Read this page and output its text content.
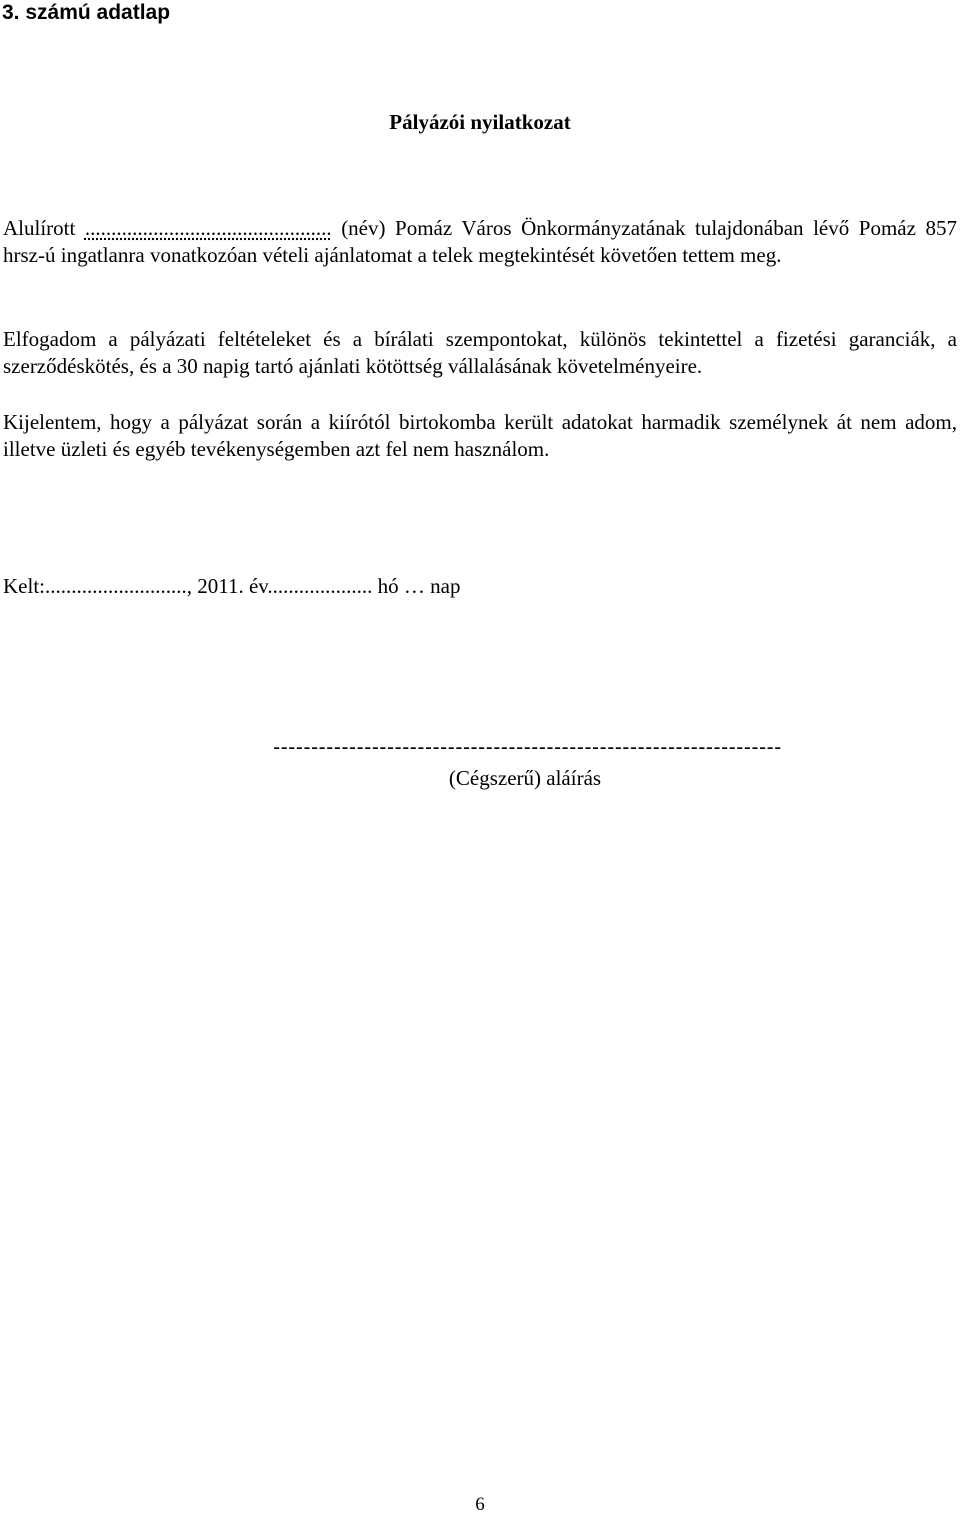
3. számú adatlap
Pályázói nyilatkozat

Alulírott ............................................... (név) Pomáz Város Önkormányzatának tulajdonában lévő Pomáz 857 hrsz-ú ingatlanra vonatkozóan vételi ajánlatomat a telek megtekintését követően tettem meg.

Elfogadom a pályázati feltételeket és a bírálati szempontokat, különös tekintettel a fizetési garanciák, a szerződéskötés, és a 30 napig tartó ajánlati kötöttség vállalásának követelményeire.

Kijelentem, hogy a pályázat során a kiírótól birtokomba került adatokat harmadik személynek át nem adom, illetve üzleti és egyéb tevékenységemben azt fel nem használom.

Kelt:..........................., 2011. év.................... hó … nap
-------------------------------------------------------------------
(Cégszerű) aláírás
6
